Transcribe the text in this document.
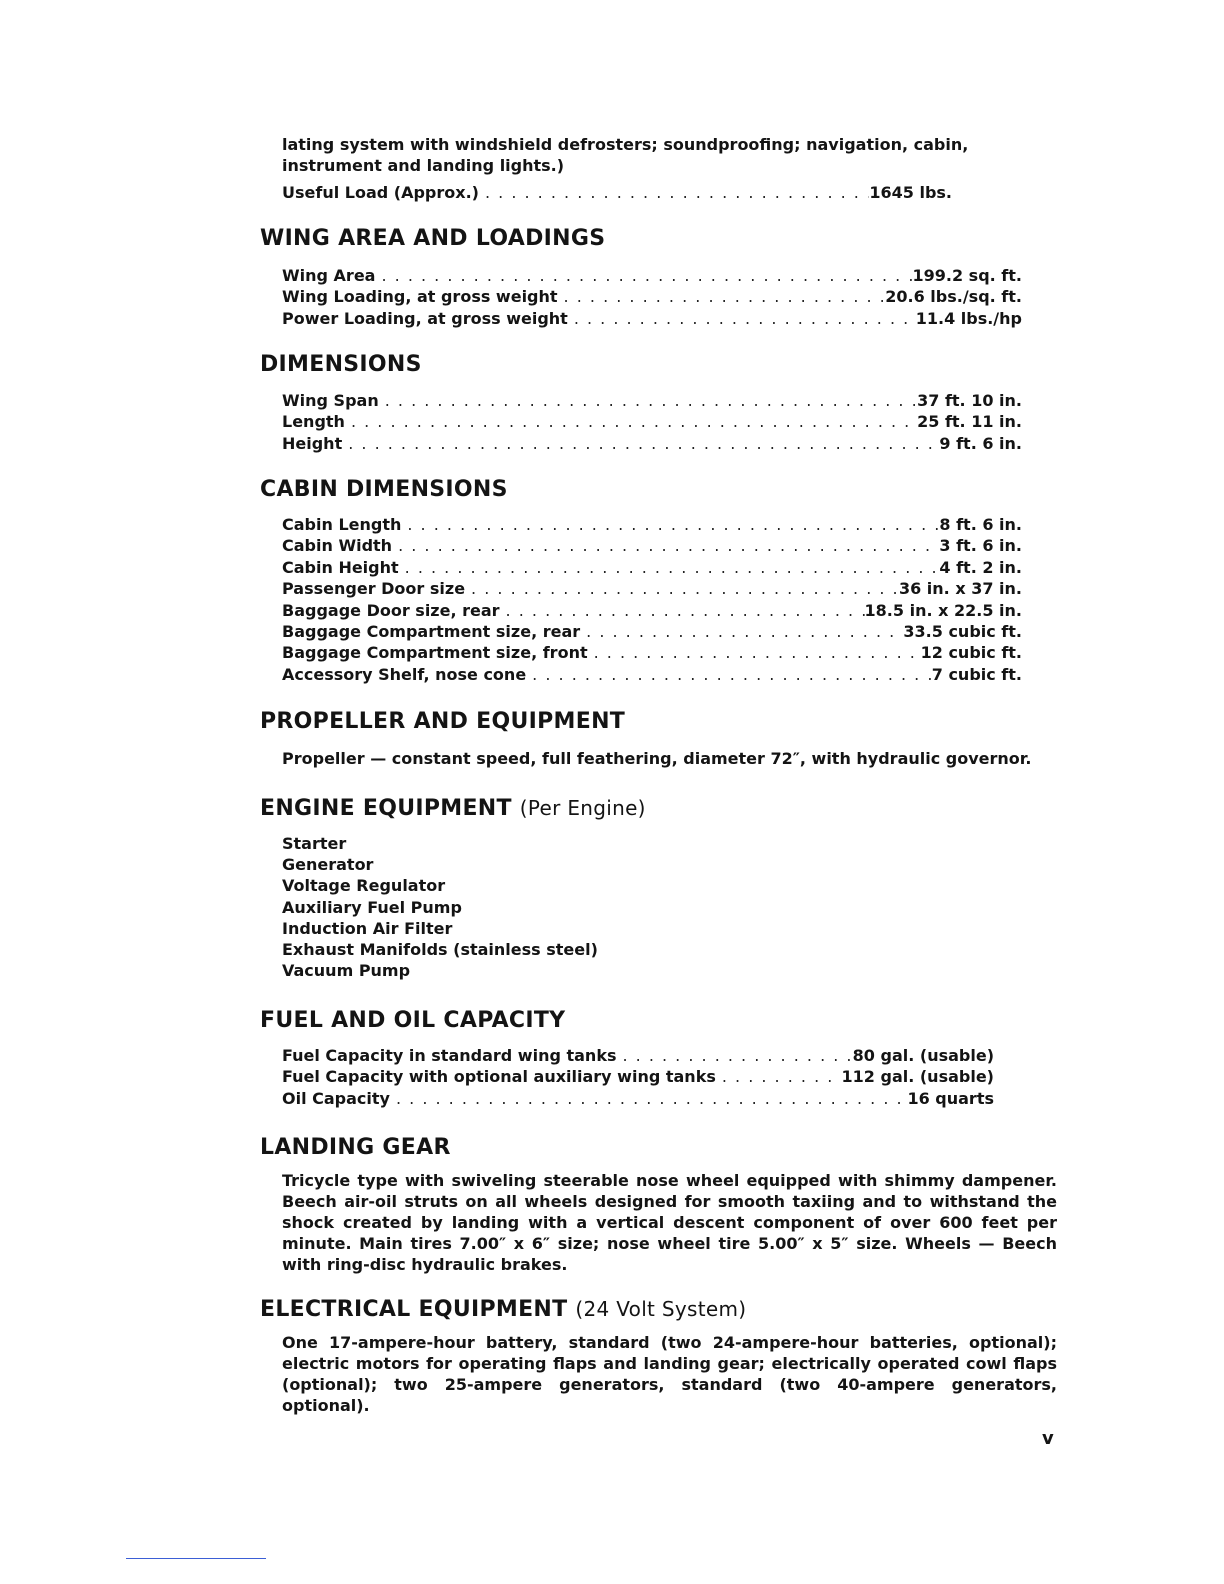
lating system with windshield defrosters; soundproofing; navigation, cabin, instrument and landing lights.)

Useful Load (Approx.) . . .	1645 lbs.
WING AREA AND LOADINGS
Wing Area . . .	199.2 sq. ft.
Wing Loading, at gross weight . . .	20.6 lbs./sq. ft.
Power Loading, at gross weight . . .	11.4 lbs./hp
DIMENSIONS
Wing Span . . .	37 ft. 10 in.
Length . . .	25 ft. 11 in.
Height . . .	9 ft. 6 in.
CABIN DIMENSIONS
Cabin Length . . .	8 ft. 6 in.
Cabin Width . . .	3 ft. 6 in.
Cabin Height . . .	4 ft. 2 in.
Passenger Door size . . .	36 in. x 37 in.
Baggage Door size, rear . . .	18.5 in. x 22.5 in.
Baggage Compartment size, rear . . .	33.5 cubic ft.
Baggage Compartment size, front . . .	12 cubic ft.
Accessory Shelf, nose cone . . .	7 cubic ft.
PROPELLER AND EQUIPMENT

Propeller — constant speed, full feathering, diameter 72″, with hydraulic governor.

ENGINE EQUIPMENT (Per Engine)
Starter
Generator
Voltage Regulator
Auxiliary Fuel Pump
Induction Air Filter
Exhaust Manifolds (stainless steel)
Vacuum Pump
FUEL AND OIL CAPACITY
Fuel Capacity in standard wing tanks . . .	80 gal. (usable)
Fuel Capacity with optional auxiliary wing tanks . . .	112 gal. (usable)
Oil Capacity . . .	16 quarts
LANDING GEAR

Tricycle type with swiveling steerable nose wheel equipped with shimmy dampener. Beech air-oil struts on all wheels designed for smooth taxiing and to withstand the shock created by landing with a vertical descent component of over 600 feet per minute. Main tires 7.00″ x 6″ size; nose wheel tire 5.00″ x 5″ size. Wheels — Beech with ring-disc hydraulic brakes.

ELECTRICAL EQUIPMENT (24 Volt System)

One 17-ampere-hour battery, standard (two 24-ampere-hour batteries, optional); electric motors for operating flaps and landing gear; electrically operated cowl flaps (optional); two 25-ampere generators, standard (two 40-ampere generators, optional).

v
